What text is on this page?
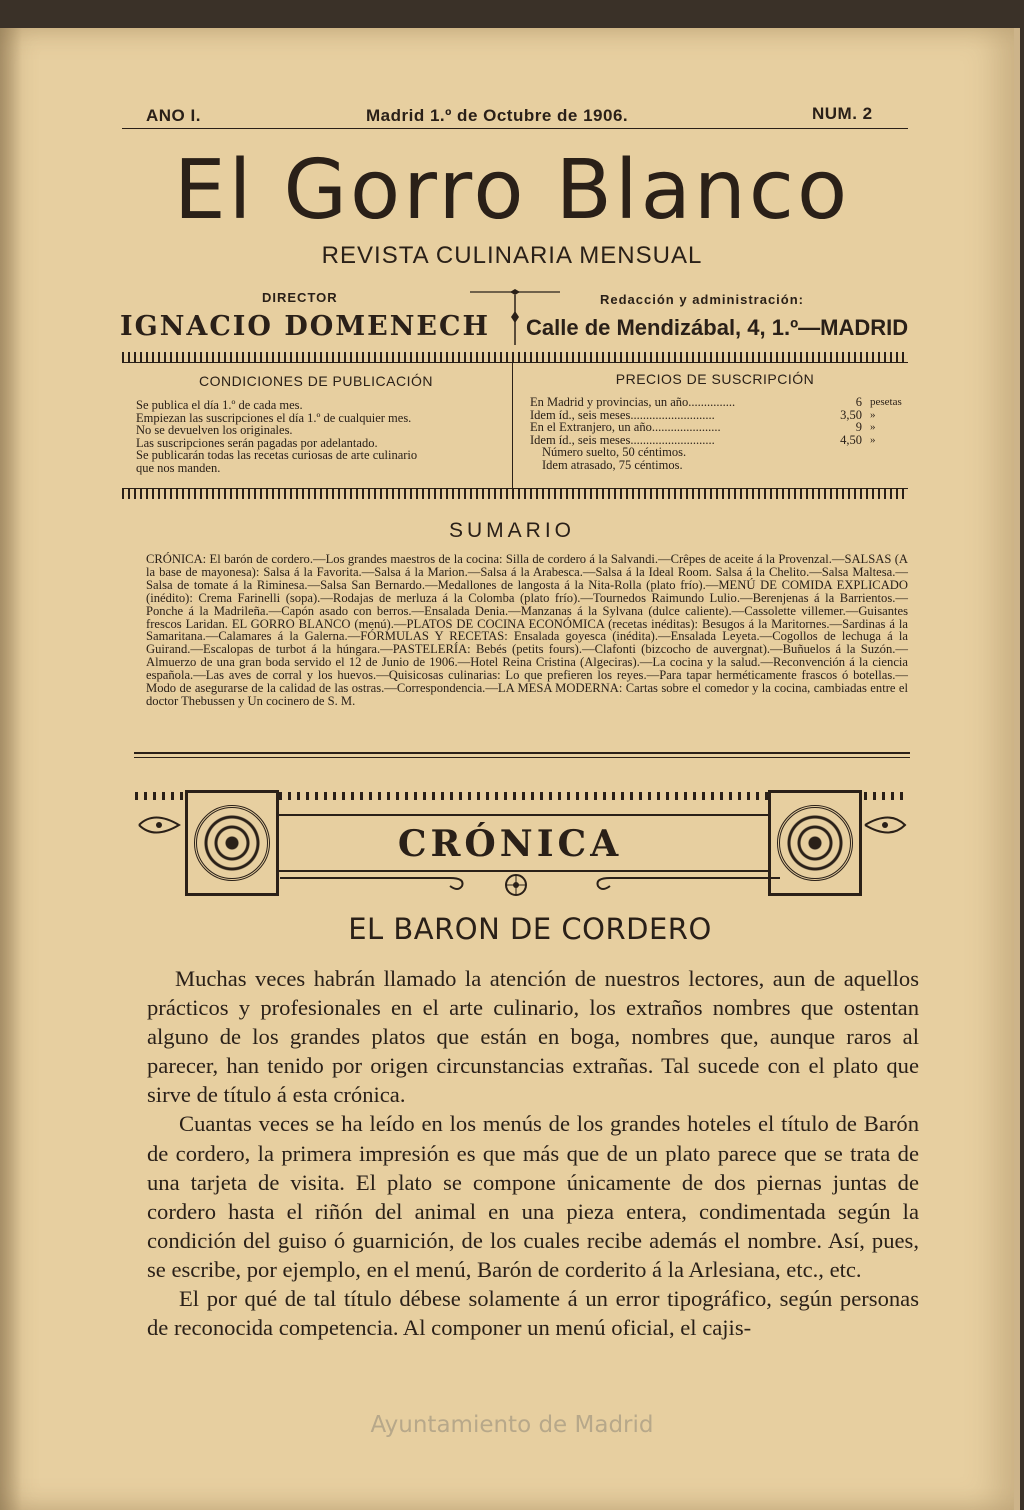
ANO I.	Madrid 1.º de Octubre de 1906.	NUM. 2
El Gorro Blanco
REVISTA CULINARIA MENSUAL
DIRECTOR	Redacción y administración:
IGNACIO DOMENECH Calle de Mendizábal, 4, 1.º—MADRID
CONDICIONES DE PUBLICACIÓN
Se publica el día 1.º de cada mes.
Empiezan las suscripciones el día 1.º de cualquier mes.
No se devuelven los originales.
Las suscripciones serán pagadas por adelantado.
Se publicarán todas las recetas curiosas de arte culinario
que nos manden.
PRECIOS DE SUSCRIPCIÓN
En Madrid y provincias, un año...............	6 pesetas
Idem íd., seis meses...........................	3,50 »
En el Extranjero, un año......................	9 »
Idem íd., seis meses...........................	4,50 »
Número suelto, 50 céntimos.
Idem atrasado, 75 céntimos.
SUMARIO
CRÓNICA: El barón de cordero.—Los grandes maestros de la cocina: Silla de cordero á la Salvandi.—Crêpes de aceite á la Provenzal.—SALSAS (A la base de mayonesa): Salsa á la Favorita.—Salsa á la Marion.—Salsa á la Arabesca.—Salsa á la Ideal Room. Salsa á la Chelito.—Salsa Maltesa.—Salsa de tomate á la Riminesa.—Salsa San Bernardo.—Medallones de langosta á la Nita-Rolla (plato frío).—MENÚ DE COMIDA EXPLICADO (inédito): Crema Farinelli (sopa).—Rodajas de merluza á la Colomba (plato frío).—Tournedos Raimundo Lulio.—Berenjenas á la Barrientos.—Ponche á la Madrileña.—Capón asado con berros.—Ensalada Denia.—Manzanas á la Sylvana (dulce caliente).—Cassolette villemer.—Guisantes frescos Laridan. EL GORRO BLANCO (menú).—PLATOS DE COCINA ECONÓMICA (recetas inéditas): Besugos á la Maritornes.—Sardinas á la Samaritana.—Calamares á la Galerna.—FÓRMULAS Y RECETAS: Ensalada goyesca (inédita).—Ensalada Leyeta.—Cogollos de lechuga á la Guirand.—Escalopas de turbot á la húngara.—PASTELERÍA: Bebés (petits fours).—Clafonti (bizcocho de auvergnat).—Buñuelos á la Suzón.—Almuerzo de una gran boda servido el 12 de Junio de 1906.—Hotel Reina Cristina (Algeciras).—La cocina y la salud.—Reconvención á la ciencia española.—Las aves de corral y los huevos.—Quisicosas culinarias: Lo que prefieren los reyes.—Para tapar herméticamente frascos ó botellas.—Modo de asegurarse de la calidad de las ostras.—Correspondencia.—LA MESA MODERNA: Cartas sobre el comedor y la cocina, cambiadas entre el doctor Thebussen y Un cocinero de S. M.
CRÓNICA
EL BARON DE CORDERO

Muchas veces habrán llamado la atención de nuestros lectores, aun de aquellos prácticos y profesionales en el arte culinario, los extraños nombres que ostentan alguno de los grandes platos que están en boga, nombres que, aunque raros al parecer, han tenido por origen circunstancias extrañas. Tal sucede con el plato que sirve de título á esta crónica.

Cuantas veces se ha leído en los menús de los grandes hoteles el título de Barón de cordero, la primera impresión es que más que de un plato parece que se trata de una tarjeta de visita. El plato se compone únicamente de dos piernas juntas de cordero hasta el riñón del animal en una pieza entera, condimentada según la condición del guiso ó guarnición, de los cuales recibe además el nombre. Así, pues, se escribe, por ejemplo, en el menú, Barón de corderito á la Arlesiana, etc., etc.

El por qué de tal título débese solamente á un error tipográfico, según personas de reconocida competencia. Al componer un menú oficial, el cajis-

Ayuntamiento de Madrid
